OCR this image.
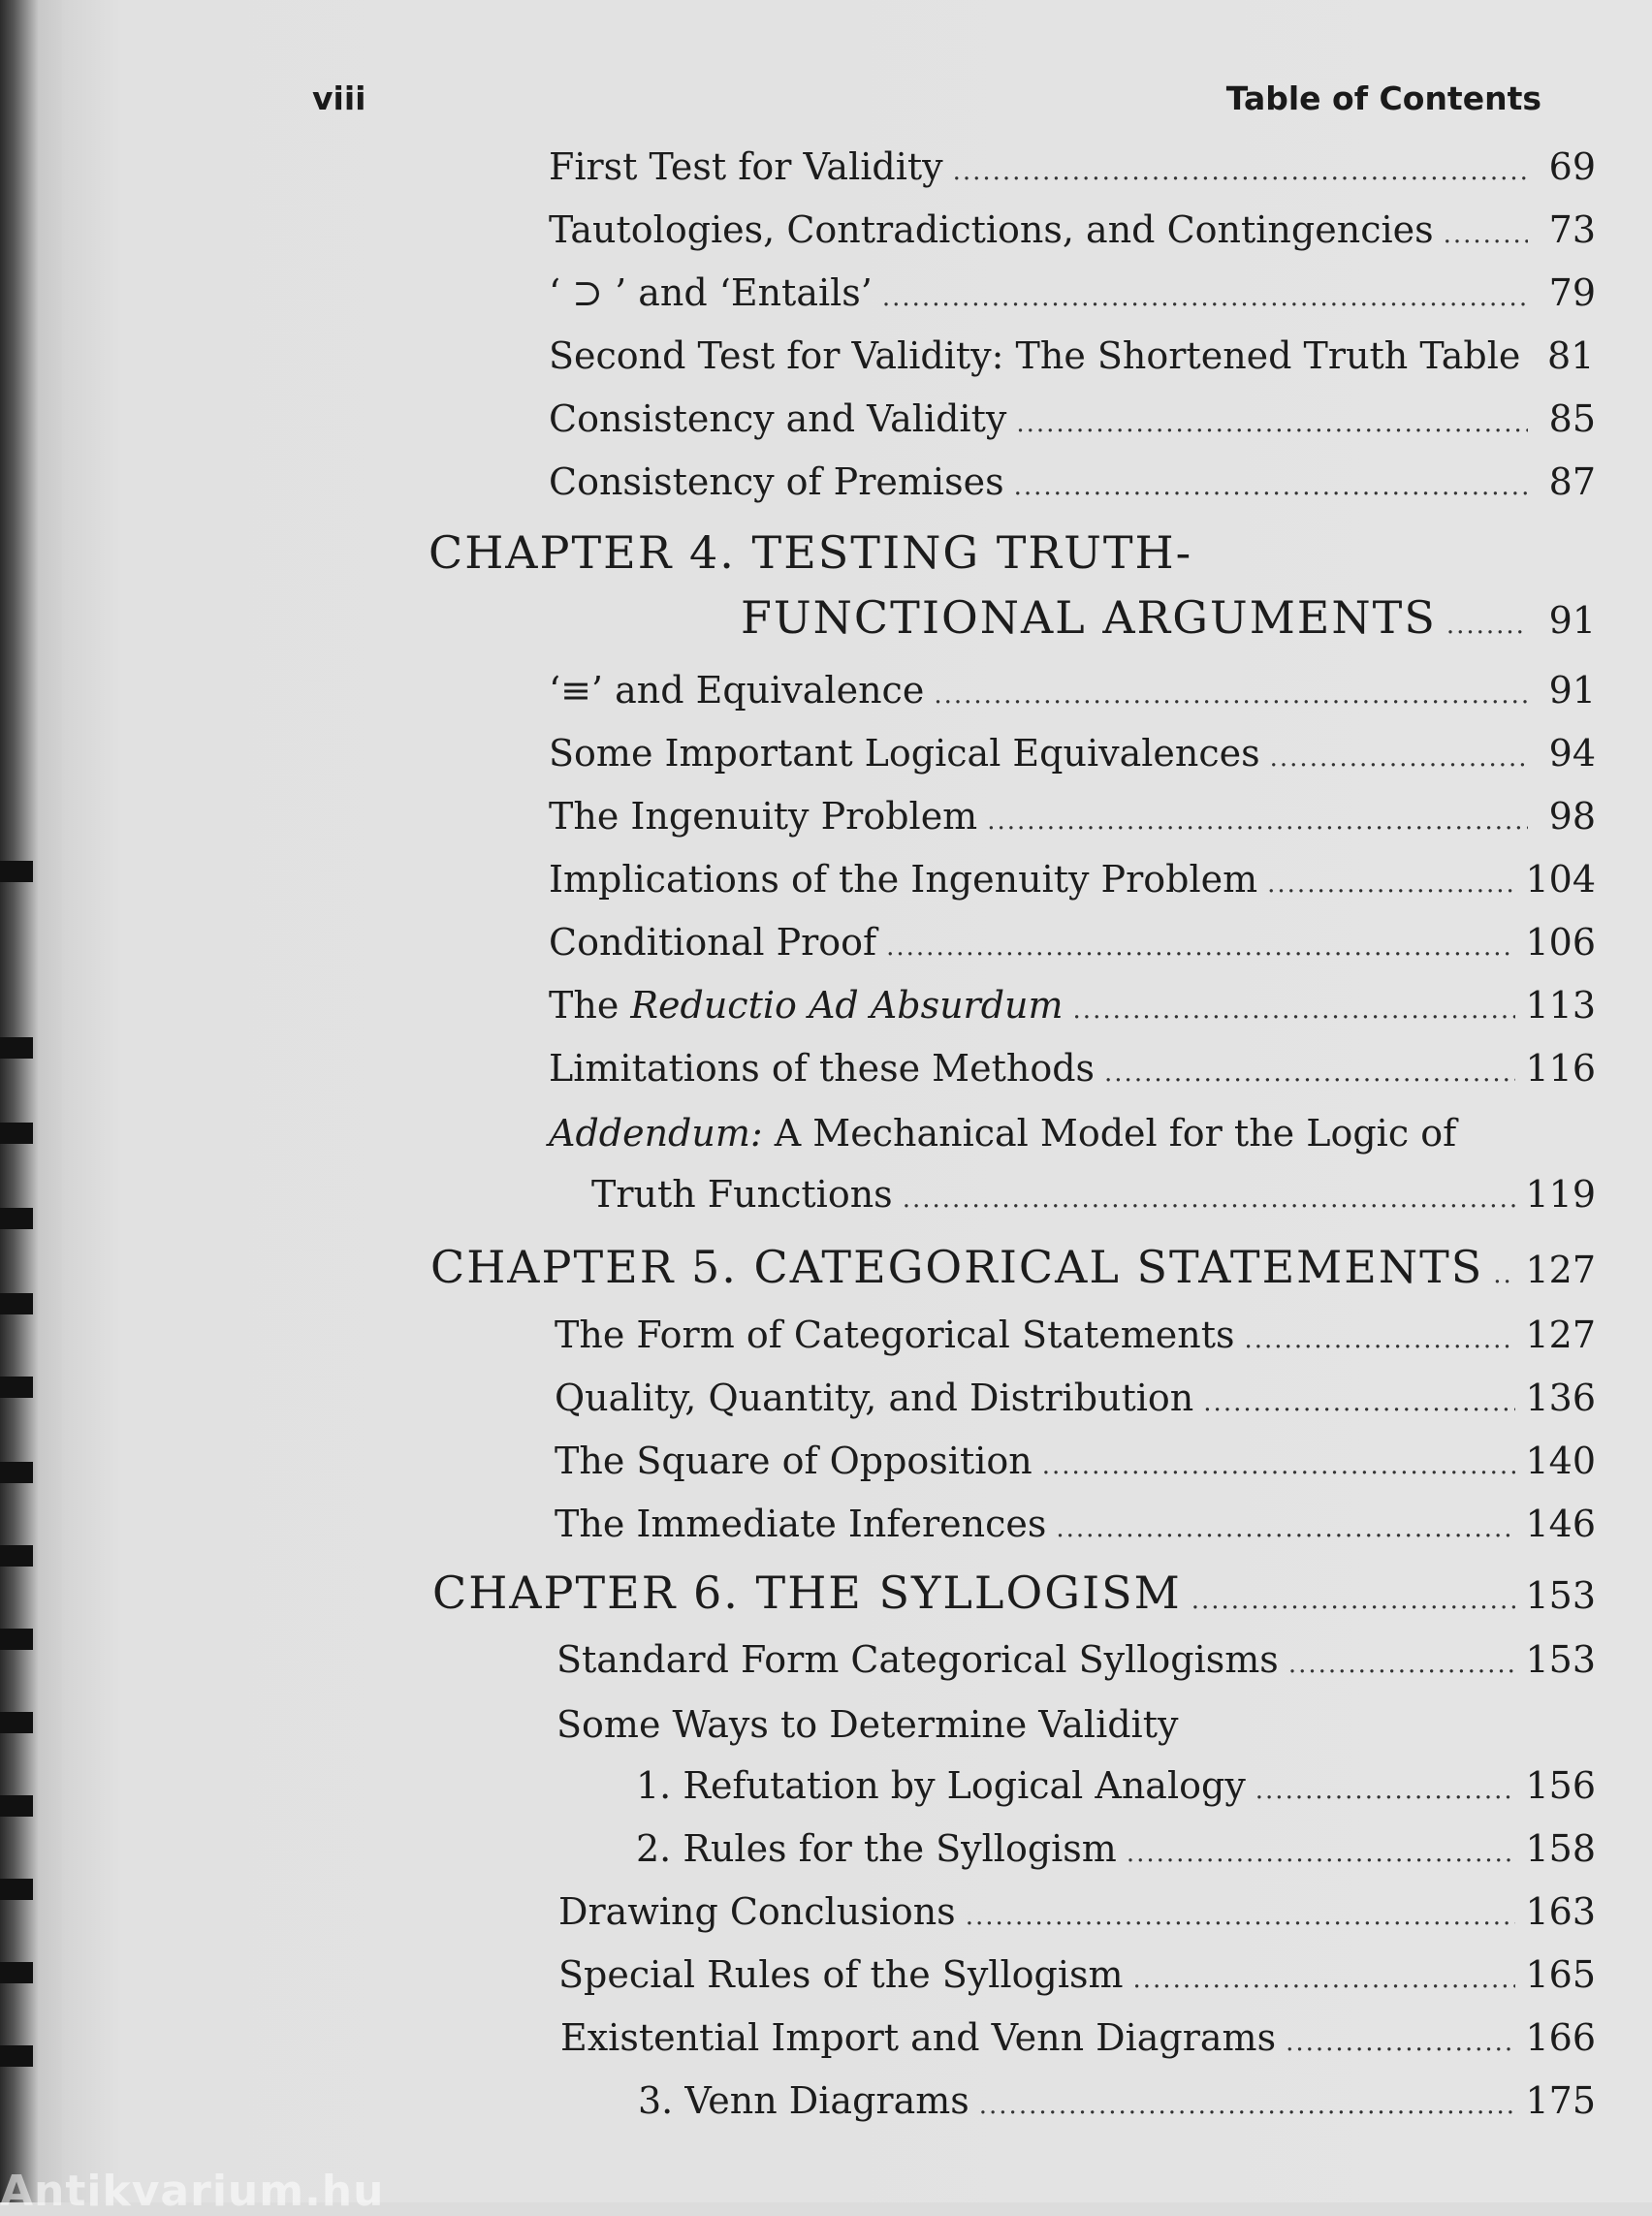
viii	Table of Contents
First Test for Validity .....	69
Tautologies, Contradictions, and Contingencies .....	73
‘ ⊃ ’ and ‘Entails’ .....	79
Second Test for Validity: The Shortened Truth Table 81
Consistency and Validity .....	85
Consistency of Premises .....	87
CHAPTER 4. TESTING TRUTH-
FUNCTIONAL ARGUMENTS .....	91
‘≡’ and Equivalence .....	91
Some Important Logical Equivalences .....	94
The Ingenuity Problem .....	98
Implications of the Ingenuity Problem .....	104
Conditional Proof .....	106
The Reductio Ad Absurdum .....	113
Limitations of these Methods .....	116
Addendum: A Mechanical Model for the Logic of
Truth Functions .....	119
CHAPTER 5. CATEGORICAL STATEMENTS ..... 127
The Form of Categorical Statements .....	127
Quality, Quantity, and Distribution .....	136
The Square of Opposition .....	140
The Immediate Inferences .....	146
CHAPTER 6. THE SYLLOGISM .....	153
Standard Form Categorical Syllogisms .....	153
Some Ways to Determine Validity
1. Refutation by Logical Analogy .....	156
2. Rules for the Syllogism .....	158
Drawing Conclusions .....	163
Special Rules of the Syllogism .....	165
Existential Import and Venn Diagrams .....	166
3. Venn Diagrams .....	175
Antikvarium.hu
